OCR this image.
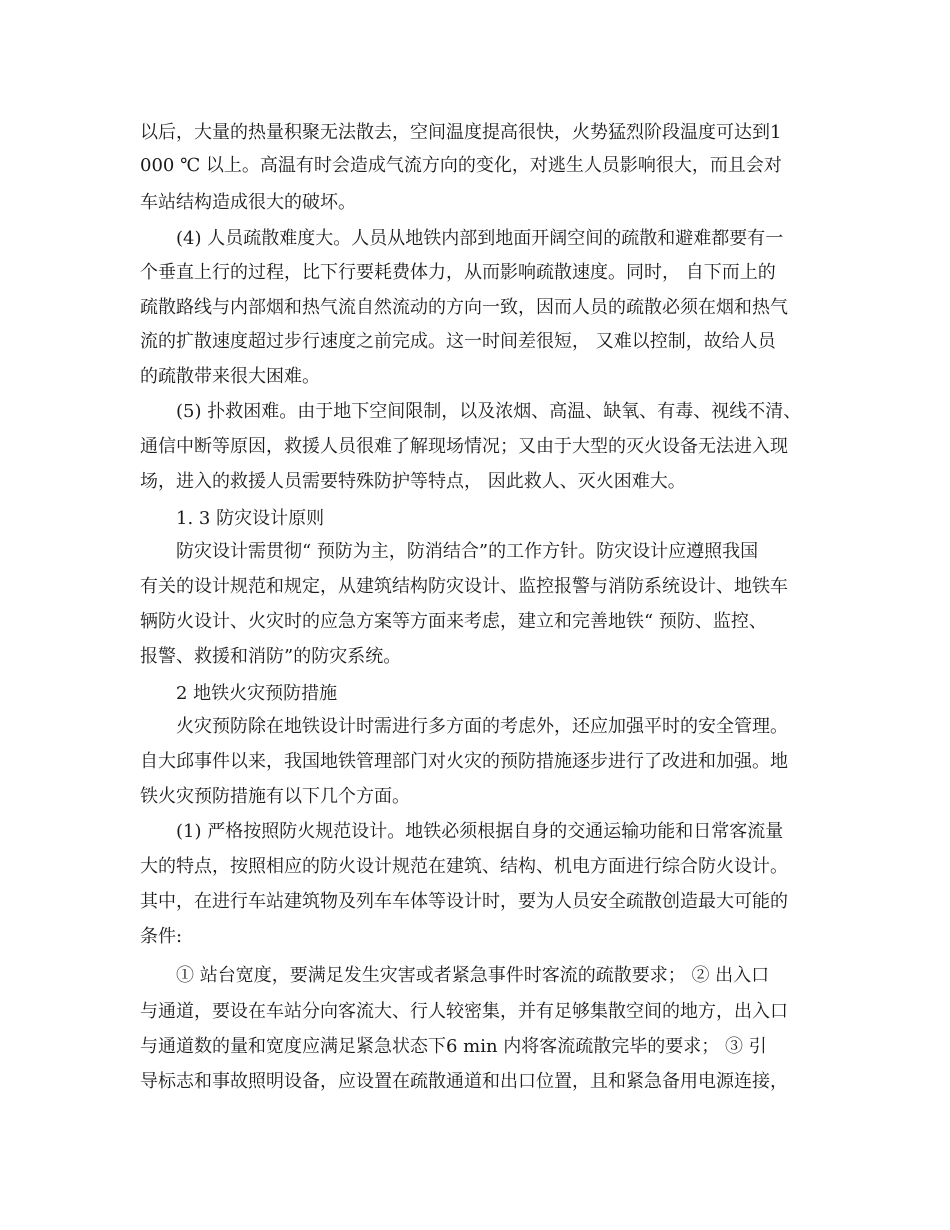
以后，大量的热量积聚无法散去，空间温度提高很快，火势猛烈阶段温度可达到1
000 ℃ 以上。高温有时会造成气流方向的变化，对逃生人员影响很大，而且会对
车站结构造成很大的破坏。
(4) 人员疏散难度大。人员从地铁内部到地面开阔空间的疏散和避难都要有一
个垂直上行的过程，比下行要耗费体力，从而影响疏散速度。同时， 自下而上的
疏散路线与内部烟和热气流自然流动的方向一致，因而人员的疏散必须在烟和热气
流的扩散速度超过步行速度之前完成。这一时间差很短， 又难以控制，故给人员
的疏散带来很大困难。
(5) 扑救困难。由于地下空间限制，以及浓烟、高温、缺氧、有毒、视线不清、
通信中断等原因，救援人员很难了解现场情况；又由于大型的灭火设备无法进入现
场，进入的救援人员需要特殊防护等特点， 因此救人、灭火困难大。
1. 3 防灾设计原则
防灾设计需贯彻“ 预防为主，防消结合”的工作方针。防灾设计应遵照我国
有关的设计规范和规定，从建筑结构防灾设计、监控报警与消防系统设计、地铁车
辆防火设计、火灾时的应急方案等方面来考虑，建立和完善地铁“ 预防、监控、
报警、救援和消防”的防灾系统。
2 地铁火灾预防措施
火灾预防除在地铁设计时需进行多方面的考虑外，还应加强平时的安全管理。
自大邱事件以来，我国地铁管理部门对火灾的预防措施逐步进行了改进和加强。地
铁火灾预防措施有以下几个方面。
(1) 严格按照防火规范设计。地铁必须根据自身的交通运输功能和日常客流量
大的特点，按照相应的防火设计规范在建筑、结构、机电方面进行综合防火设计。
其中，在进行车站建筑物及列车车体等设计时，要为人员安全疏散创造最大可能的
条件:
① 站台宽度，要满足发生灾害或者紧急事件时客流的疏散要求； ② 出入口
与通道，要设在车站分向客流大、行人较密集，并有足够集散空间的地方，出入口
与通道数的量和宽度应满足紧急状态下6 min 内将客流疏散完毕的要求； ③ 引
导标志和事故照明设备，应设置在疏散通道和出口位置，且和紧急备用电源连接，
